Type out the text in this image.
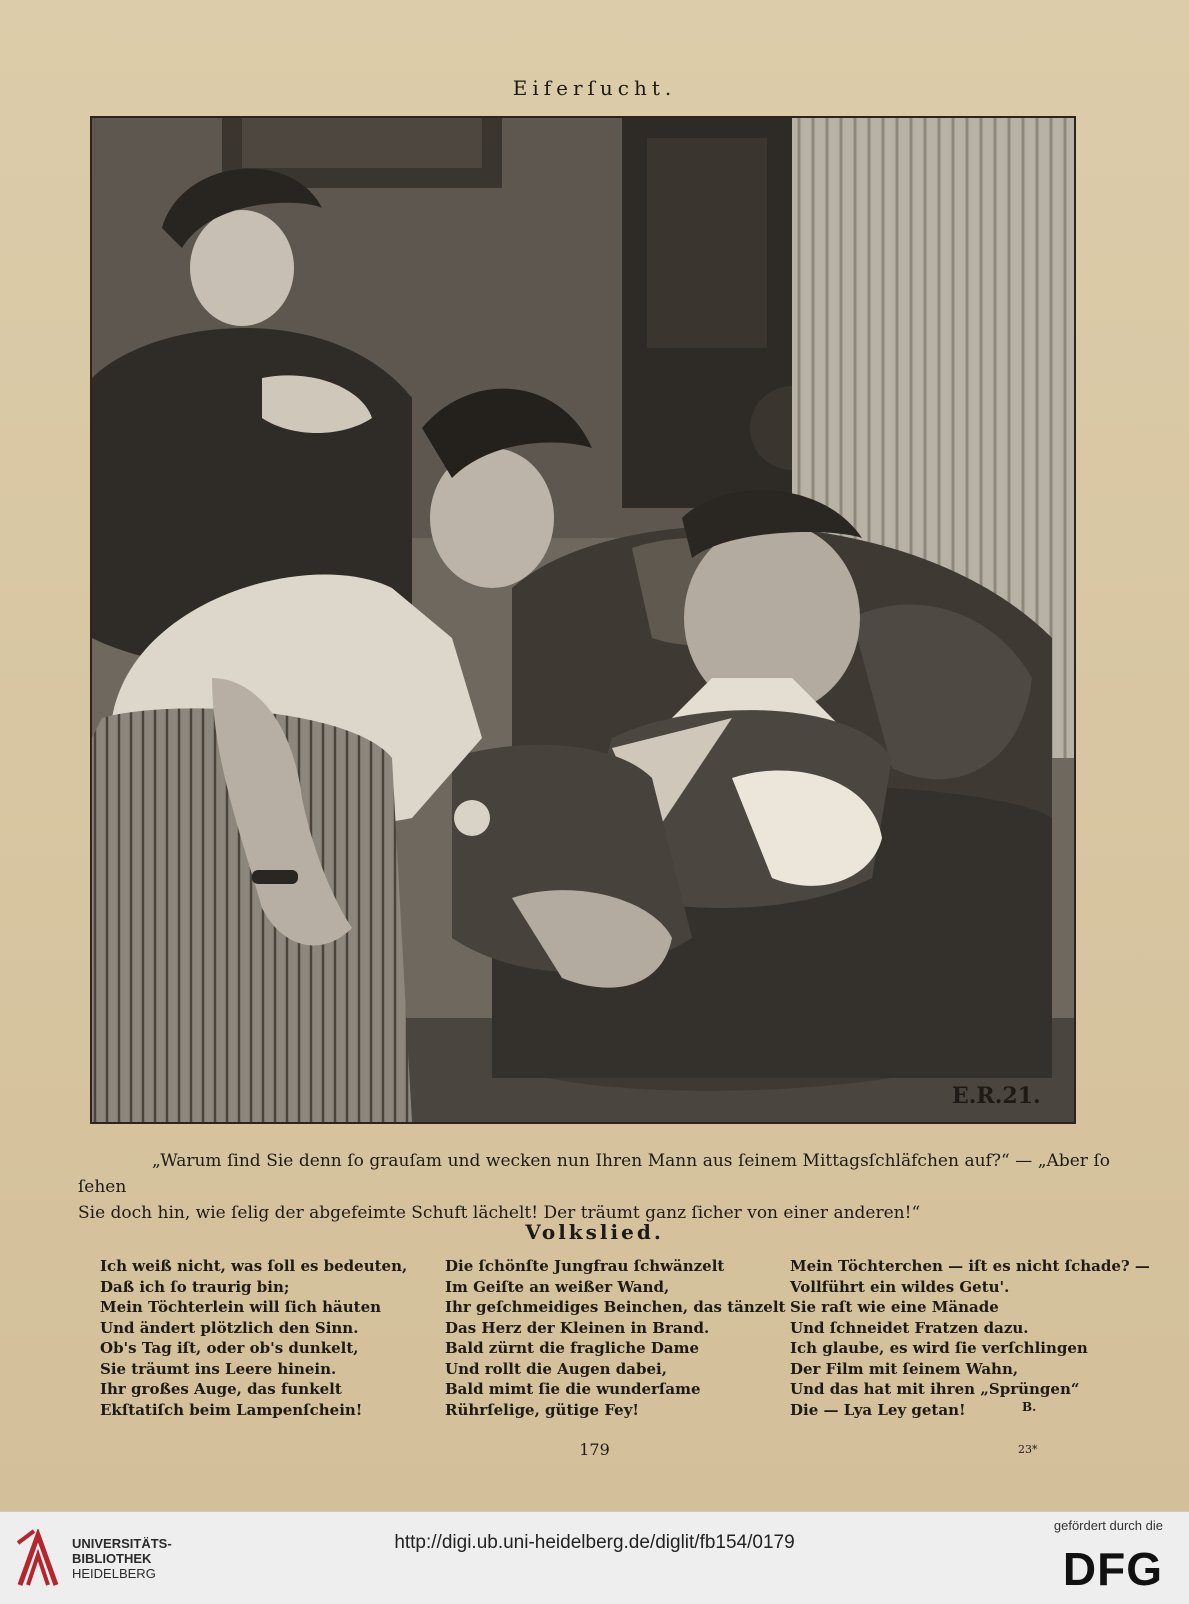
Eiferſucht.
E.R.21.

„Warum ſind Sie denn ſo grauſam und wecken nun Ihren Mann aus ſeinem Mittagsſchläfchen auf?“ — „Aber ſo ſehen

Sie doch hin, wie ſelig der abgefeimte Schuft lächelt! Der träumt ganz ſicher von einer anderen!“

Volkslied.
Ich weiß nicht, was ſoll es bedeuten,
Daß ich ſo traurig bin;
Mein Töchterlein will ſich häuten
Und ändert plötzlich den Sinn.
Ob's Tag iſt, oder ob's dunkelt,
Sie träumt ins Leere hinein.
Ihr großes Auge, das funkelt
Ekſtatiſch beim Lampenſchein!
Die ſchönſte Jungfrau ſchwänzelt
Im Geiſte an weißer Wand,
Ihr geſchmeidiges Beinchen, das tänzelt
Das Herz der Kleinen in Brand.
Bald zürnt die fragliche Dame
Und rollt die Augen dabei,
Bald mimt ſie die wunderſame
Rührſelige, gütige Fey!
Mein Töchterchen — iſt es nicht ſchade? —
Vollführt ein wildes Getu'.
Sie raſt wie eine Mänade
Und ſchneidet Fratzen dazu.
Ich glaube, es wird ſie verſchlingen
Der Film mit ſeinem Wahn,
Und das hat mit ihren „Sprüngen“
Die — Lya Ley getan!	B.
179	23*
UNIVERSITÄTS-
BIBLIOTHEK
HEIDELBERG
http://digi.ub.uni-heidelberg.de/diglit/fb154/0179
gefördert durch die
DFG
